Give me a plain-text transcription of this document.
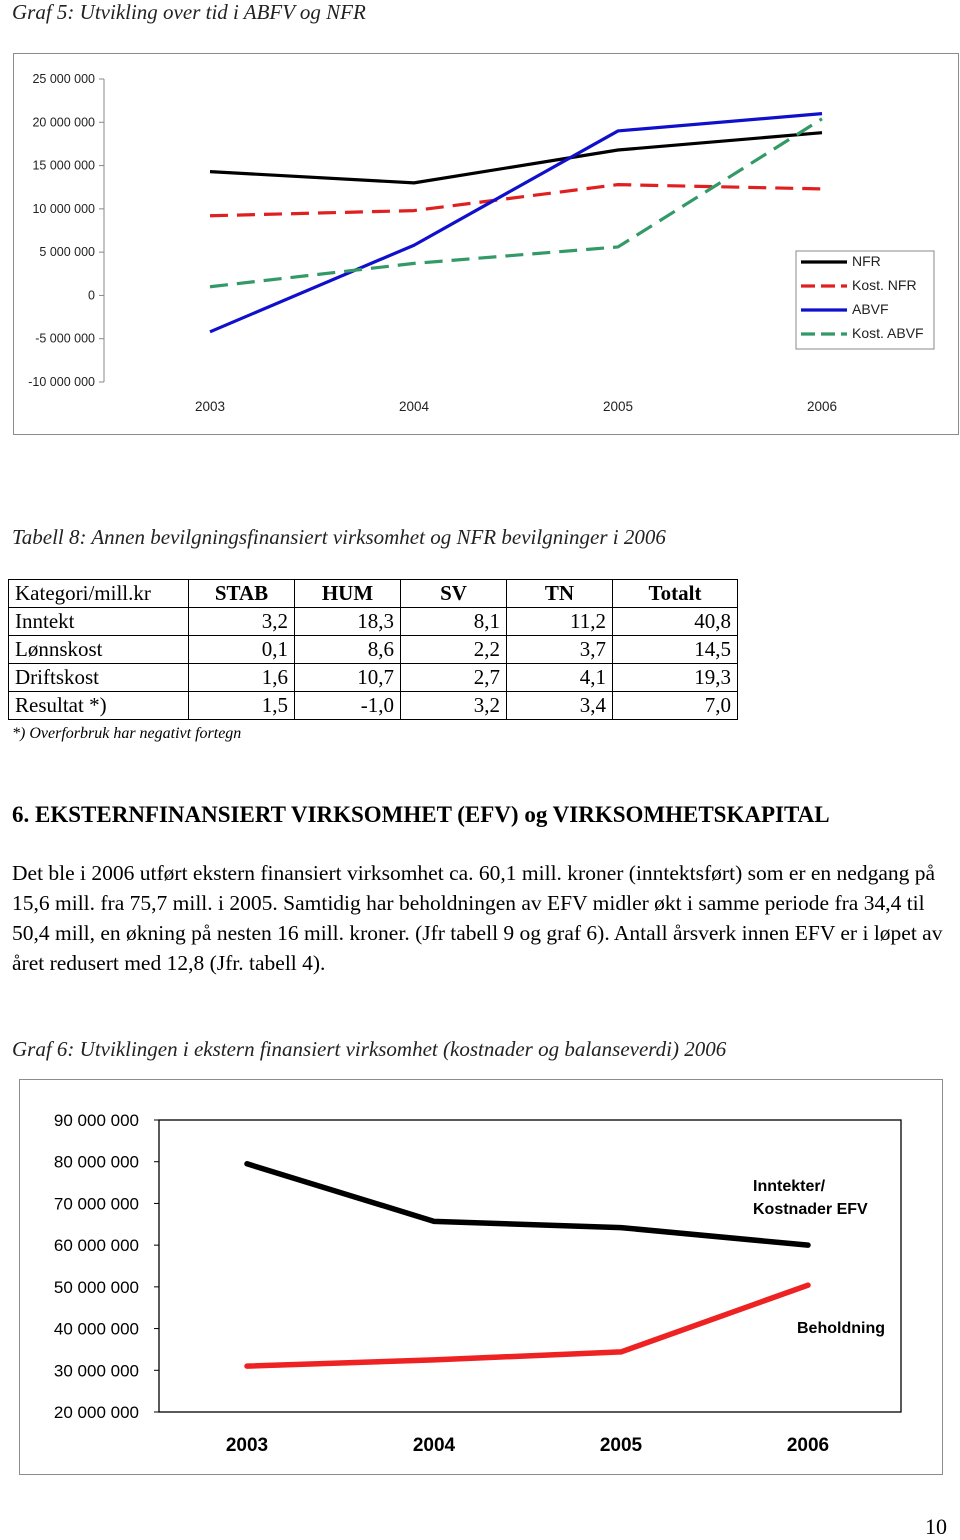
Graf 5: Utvikling over tid i ABFV og NFR
25 000 000
20 000 000
15 000 000
10 000 000
5 000 000
0
-5 000 000
-10 000 000
2003	2004	2005	2006
NFR
Kost. NFR
ABVF
Kost. ABVF
Tabell 8: Annen bevilgningsfinansiert virksomhet og NFR bevilgninger i 2006
Kategori/mill.kr	STAB	HUM	SV	TN	Totalt
Inntekt	3,2	18,3	8,1	11,2	40,8
Lønnskost	0,1	8,6	2,2	3,7	14,5
Driftskost	1,6	10,7	2,7	4,1	19,3
Resultat *)	1,5	-1,0	3,2	3,4	7,0
*) Overforbruk har negativt fortegn
6. EKSTERNFINANSIERT VIRKSOMHET (EFV) og VIRKSOMHETSKAPITAL
Det ble i 2006 utført ekstern finansiert virksomhet ca. 60,1 mill. kroner (inntektsført) som er en nedgang på 15,6 mill. fra 75,7 mill. i 2005. Samtidig har beholdningen av EFV midler økt i samme periode fra 34,4 til 50,4 mill, en økning på nesten 16 mill. kroner. (Jfr tabell 9 og graf 6). Antall årsverk innen EFV er i løpet av året redusert med 12,8 (Jfr. tabell 4).
Graf 6: Utviklingen i ekstern finansiert virksomhet (kostnader og balanseverdi) 2006
90 000 000
80 000 000
70 000 000
60 000 000
50 000 000
40 000 000
30 000 000
20 000 000
2003	2004	2005	2006
Inntekter/
Kostnader EFV
Beholdning
10
